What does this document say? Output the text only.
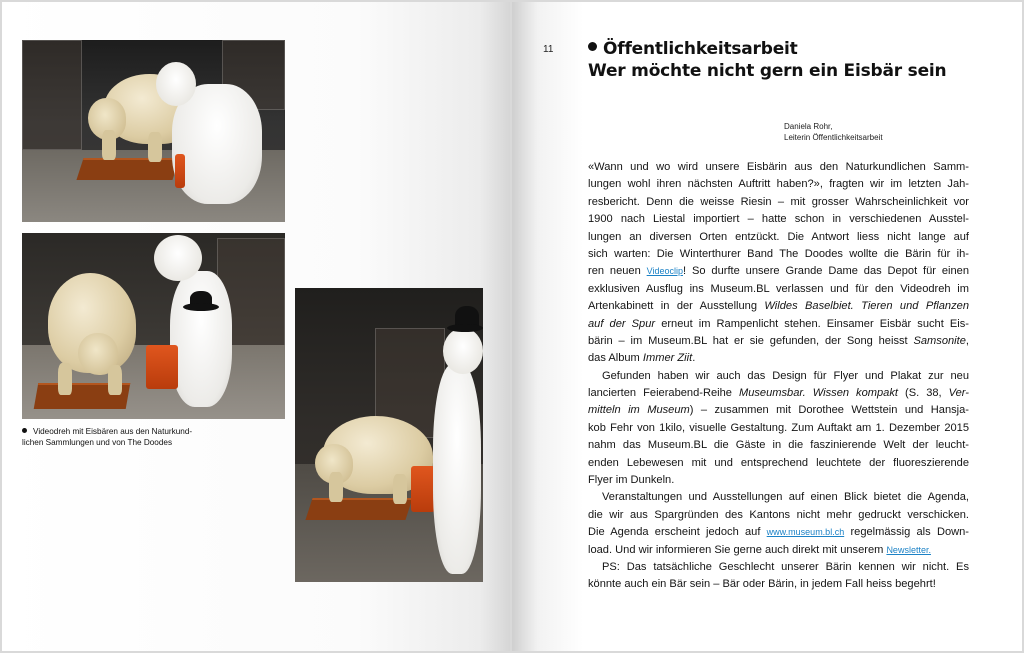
Videodreh mit Eisbären aus den Naturkund-
lichen Sammlungen und von The Doodes
11	Öffentlichkeitsarbeit
Wer möchte nicht gern ein Eisbär sein
Daniela Rohr,
Leiterin Öffentlichkeitsarbeit
«Wann und wo wird unsere Eisbärin aus den Naturkundlichen Samm-
lungen wohl ihren nächsten Auftritt haben?», fragten wir im letzten Jah-
resbericht. Denn die weisse Riesin – mit grosser Wahrscheinlichkeit vor
1900 nach Liestal importiert – hatte schon in verschiedenen Ausstel-
lungen an diversen Orten entzückt. Die Antwort liess nicht lange auf
sich warten: Die Winterthurer Band The Doodes wollte die Bärin für ih-
ren neuen Videoclip! So durfte unsere Grande Dame das Depot für einen
exklusiven Ausflug ins Museum.BL verlassen und für den Videodreh im
Artenkabinett in der Ausstellung Wildes Baselbiet. Tieren und Pflanzen
auf der Spur erneut im Rampenlicht stehen. Einsamer Eisbär sucht Eis-
bärin – im Museum.BL hat er sie gefunden, der Song heisst Samsonite,
das Album Immer Ziit.
Gefunden haben wir auch das Design für Flyer und Plakat zur neu
lancierten Feierabend-Reihe Museumsbar. Wissen kompakt (S. 38, Ver-
mitteln im Museum) – zusammen mit Dorothee Wettstein und Hansja-
kob Fehr von 1kilo, visuelle Gestaltung. Zum Auftakt am 1. Dezember 2015
nahm das Museum.BL die Gäste in die faszinierende Welt der leucht-
enden Lebewesen mit und entsprechend leuchtete der fluoreszierende
Flyer im Dunkeln.
Veranstaltungen und Ausstellungen auf einen Blick bietet die Agenda,
die wir aus Spargründen des Kantons nicht mehr gedruckt verschicken.
Die Agenda erscheint jedoch auf www.museum.bl.ch regelmässig als Down-
load. Und wir informieren Sie gerne auch direkt mit unserem Newsletter.
PS: Das tatsächliche Geschlecht unserer Bärin kennen wir nicht. Es
könnte auch ein Bär sein – Bär oder Bärin, in jedem Fall heiss begehrt!
